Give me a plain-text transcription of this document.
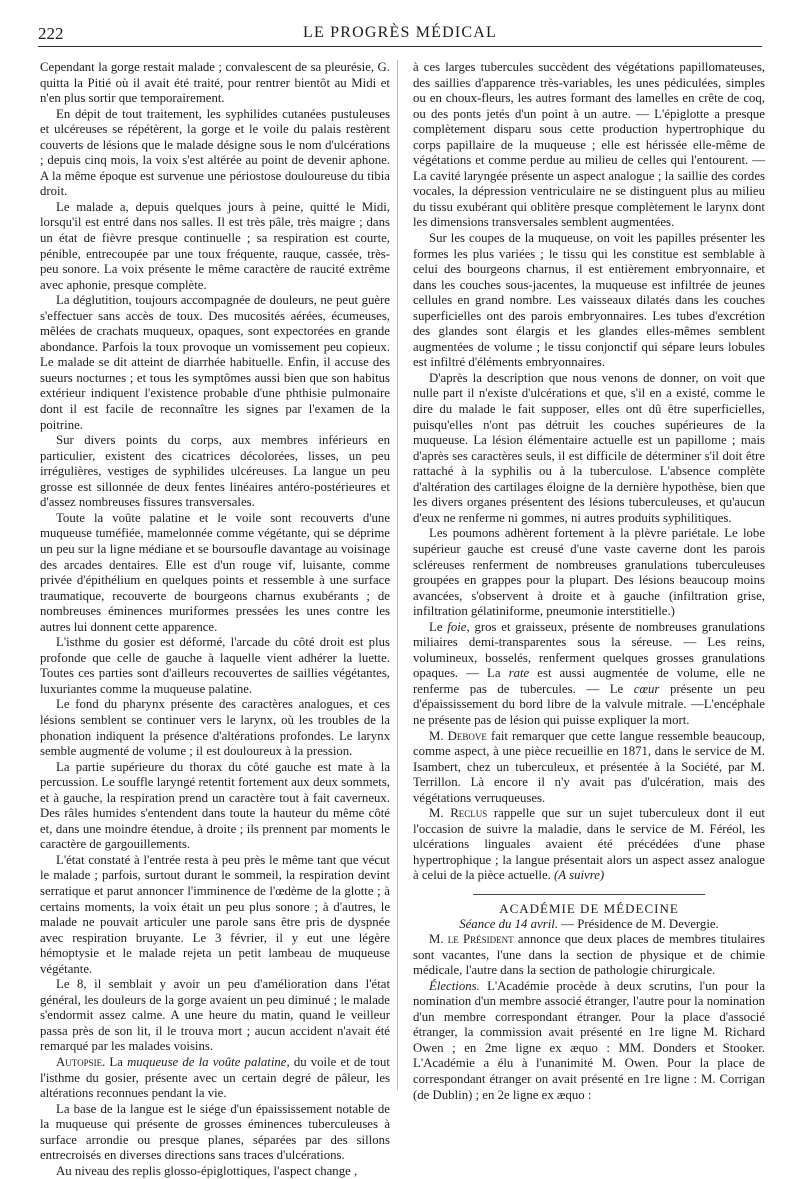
222	LE PROGRÈS MÉDICAL

Cependant la gorge restait malade ; convalescent de sa pleurésie, G. quitta la Pitié où il avait été traité, pour rentrer bientôt au Midi et n'en plus sortir que temporairement.

En dépit de tout traitement, les syphilides cutanées pustuleuses et ulcéreuses se répétèrent, la gorge et le voile du palais restèrent couverts de lésions que le malade désigne sous le nom d'ulcérations ; depuis cinq mois, la voix s'est altérée au point de devenir aphone. A la même époque est survenue une périostose douloureuse du tibia droit.

Le malade a, depuis quelques jours à peine, quitté le Midi, lorsqu'il est entré dans nos salles. Il est très pâle, très maigre ; dans un état de fièvre presque continuelle ; sa respiration est courte, pénible, entrecoupée par une toux fréquente, rauque, cassée, très-peu sonore. La voix présente le même caractère de raucité extrême avec aphonie, presque complète.

La déglutition, toujours accompagnée de douleurs, ne peut guère s'effectuer sans accès de toux. Des mucosités aérées, écumeuses, mêlées de crachats muqueux, opaques, sont expectorées en grande abondance. Parfois la toux provoque un vomissement peu copieux. Le malade se dit atteint de diarrhée habituelle. Enfin, il accuse des sueurs nocturnes ; et tous les symptômes aussi bien que son habitus extérieur indiquent l'existence probable d'une phthisie pulmonaire dont il est facile de reconnaître les signes par l'examen de la poitrine.

Sur divers points du corps, aux membres inférieurs en particulier, existent des cicatrices décolorées, lisses, un peu irrégulières, vestiges de syphilides ulcéreuses. La langue un peu grosse est sillonnée de deux fentes linéaires antéro-postérieures et d'assez nombreuses fissures transversales.

Toute la voûte palatine et le voile sont recouverts d'une muqueuse tuméfiée, mamelonnée comme végétante, qui se déprime un peu sur la ligne médiane et se boursoufle davantage au voisinage des arcades dentaires. Elle est d'un rouge vif, luisante, comme privée d'épithélium en quelques points et ressemble à une surface traumatique, recouverte de bourgeons charnus exubérants ; de nombreuses éminences muriformes pressées les unes contre les autres lui donnent cette apparence.

L'isthme du gosier est déformé, l'arcade du côté droit est plus profonde que celle de gauche à laquelle vient adhérer la luette. Toutes ces parties sont d'ailleurs recouvertes de saillies végétantes, luxuriantes comme la muqueuse palatine.

Le fond du pharynx présente des caractères analogues, et ces lésions semblent se continuer vers le larynx, où les troubles de la phonation indiquent la présence d'altérations profondes. Le larynx semble augmenté de volume ; il est douloureux à la pression.

La partie supérieure du thorax du côté gauche est mate à la percussion. Le souffle laryngé retentit fortement aux deux sommets, et à gauche, la respiration prend un caractère tout à fait caverneux. Des râles humides s'entendent dans toute la hauteur du même côté et, dans une moindre étendue, à droite ; ils prennent par moments le caractère de gargouillements.

L'état constaté à l'entrée resta à peu près le même tant que vécut le malade ; parfois, surtout durant le sommeil, la respiration devint serratique et parut annoncer l'imminence de l'œdème de la glotte ; à certains moments, la voix était un peu plus sonore ; à d'autres, le malade ne pouvait articuler une parole sans être pris de dyspnée avec respiration bruyante. Le 3 février, il y eut une légère hémoptysie et le malade rejeta un petit lambeau de muqueuse végétante.

Le 8, il semblait y avoir un peu d'amélioration dans l'état général, les douleurs de la gorge avaient un peu diminué ; le malade s'endormit assez calme. A une heure du matin, quand le veilleur passa près de son lit, il le trouva mort ; aucun accident n'avait été remarqué par les malades voisins.

Autopsie. La muqueuse de la voûte palatine, du voile et de tout l'isthme du gosier, présente avec un certain degré de pâleur, les altérations reconnues pendant la vie.

La base de la langue est le siége d'un épaississement notable de la muqueuse qui présente de grosses éminences tuberculeuses à surface arrondie ou presque planes, séparées par des sillons entrecroisés en diverses directions sans traces d'ulcérations.

Au niveau des replis glosso-épiglottiques, l'aspect change ,

à ces larges tubercules succèdent des végétations papillomateuses, des saillies d'apparence très-variables, les unes pédiculées, simples ou en choux-fleurs, les autres formant des lamelles en crête de coq, ou des ponts jetés d'un point à un autre. — L'épiglotte a presque complètement disparu sous cette production hypertrophique du corps papillaire de la muqueuse ; elle est hérissée elle-même de végétations et comme perdue au milieu de celles qui l'entourent. — La cavité laryngée présente un aspect analogue ; la saillie des cordes vocales, la dépression ventriculaire ne se distinguent plus au milieu du tissu exubérant qui oblitère presque complètement le larynx dont les dimensions transversales semblent augmentées.

Sur les coupes de la muqueuse, on voit les papilles présenter les formes les plus variées ; le tissu qui les constitue est semblable à celui des bourgeons charnus, il est entièrement embryonnaire, et dans les couches sous-jacentes, la muqueuse est infiltrée de jeunes cellules en grand nombre. Les vaisseaux dilatés dans les couches superficielles ont des parois embryonnaires. Les tubes d'excrétion des glandes sont élargis et les glandes elles-mêmes semblent augmentées de volume ; le tissu conjonctif qui sépare leurs lobules est infiltré d'éléments embryonnaires.

D'après la description que nous venons de donner, on voit que nulle part il n'existe d'ulcérations et que, s'il en a existé, comme le dire du malade le fait supposer, elles ont dû être superficielles, puisqu'elles n'ont pas détruit les couches supérieures de la muqueuse. La lésion élémentaire actuelle est un papillome ; mais d'après ses caractères seuls, il est difficile de déterminer s'il doit être rattaché à la syphilis ou à la tuberculose. L'absence complète d'altération des cartilages éloigne de la dernière hypothèse, bien que les divers organes présentent des lésions tuberculeuses, et qu'aucun d'eux ne renferme ni gommes, ni autres produits syphilitiques.

Les poumons adhèrent fortement à la plèvre pariétale. Le lobe supérieur gauche est creusé d'une vaste caverne dont les parois scléreuses renferment de nombreuses granulations tuberculeuses groupées en grappes pour la plupart. Des lésions beaucoup moins avancées, s'observent à droite et à gauche (infiltration grise, infiltration gélatiniforme, pneumonie interstitielle.)

Le foie, gros et graisseux, présente de nombreuses granulations miliaires demi-transparentes sous la séreuse. — Les reins, volumineux, bosselés, renferment quelques grosses granulations opaques. — La rate est aussi augmentée de volume, elle ne renferme pas de tubercules. — Le cœur présente un peu d'épaississement du bord libre de la valvule mitrale. —L'encéphale ne présente pas de lésion qui puisse expliquer la mort.

M. Debove fait remarquer que cette langue ressemble beaucoup, comme aspect, à une pièce recueillie en 1871, dans le service de M. Isambert, chez un tuberculeux, et présentée à la Société, par M. Terrillon. Là encore il n'y avait pas d'ulcération, mais des végétations verruqueuses.

M. Reclus rappelle que sur un sujet tuberculeux dont il eut l'occasion de suivre la maladie, dans le service de M. Féréol, les ulcérations linguales avaient été précédées d'une phase hypertrophique ; la langue présentait alors un aspect assez analogue à celui de la pièce actuelle. (A suivre)

ACADÉMIE DE MÉDECINE

Séance du 14 avril. — Présidence de M. Devergie.

M. le Président annonce que deux places de membres titulaires sont vacantes, l'une dans la section de physique et de chimie médicale, l'autre dans la section de pathologie chirurgicale.

Élections. L'Académie procède à deux scrutins, l'un pour la nomination d'un membre associé étranger, l'autre pour la nomination d'un membre correspondant étranger. Pour la place d'associé étranger, la commission avait présenté en 1re ligne M. Richard Owen ; en 2me ligne ex æquo : MM. Donders et Stooker. L'Académie a élu à l'unanimité M. Owen. Pour la place de correspondant étranger on avait présenté en 1re ligne : M. Corrigan (de Dublin) ; en 2e ligne ex æquo :
